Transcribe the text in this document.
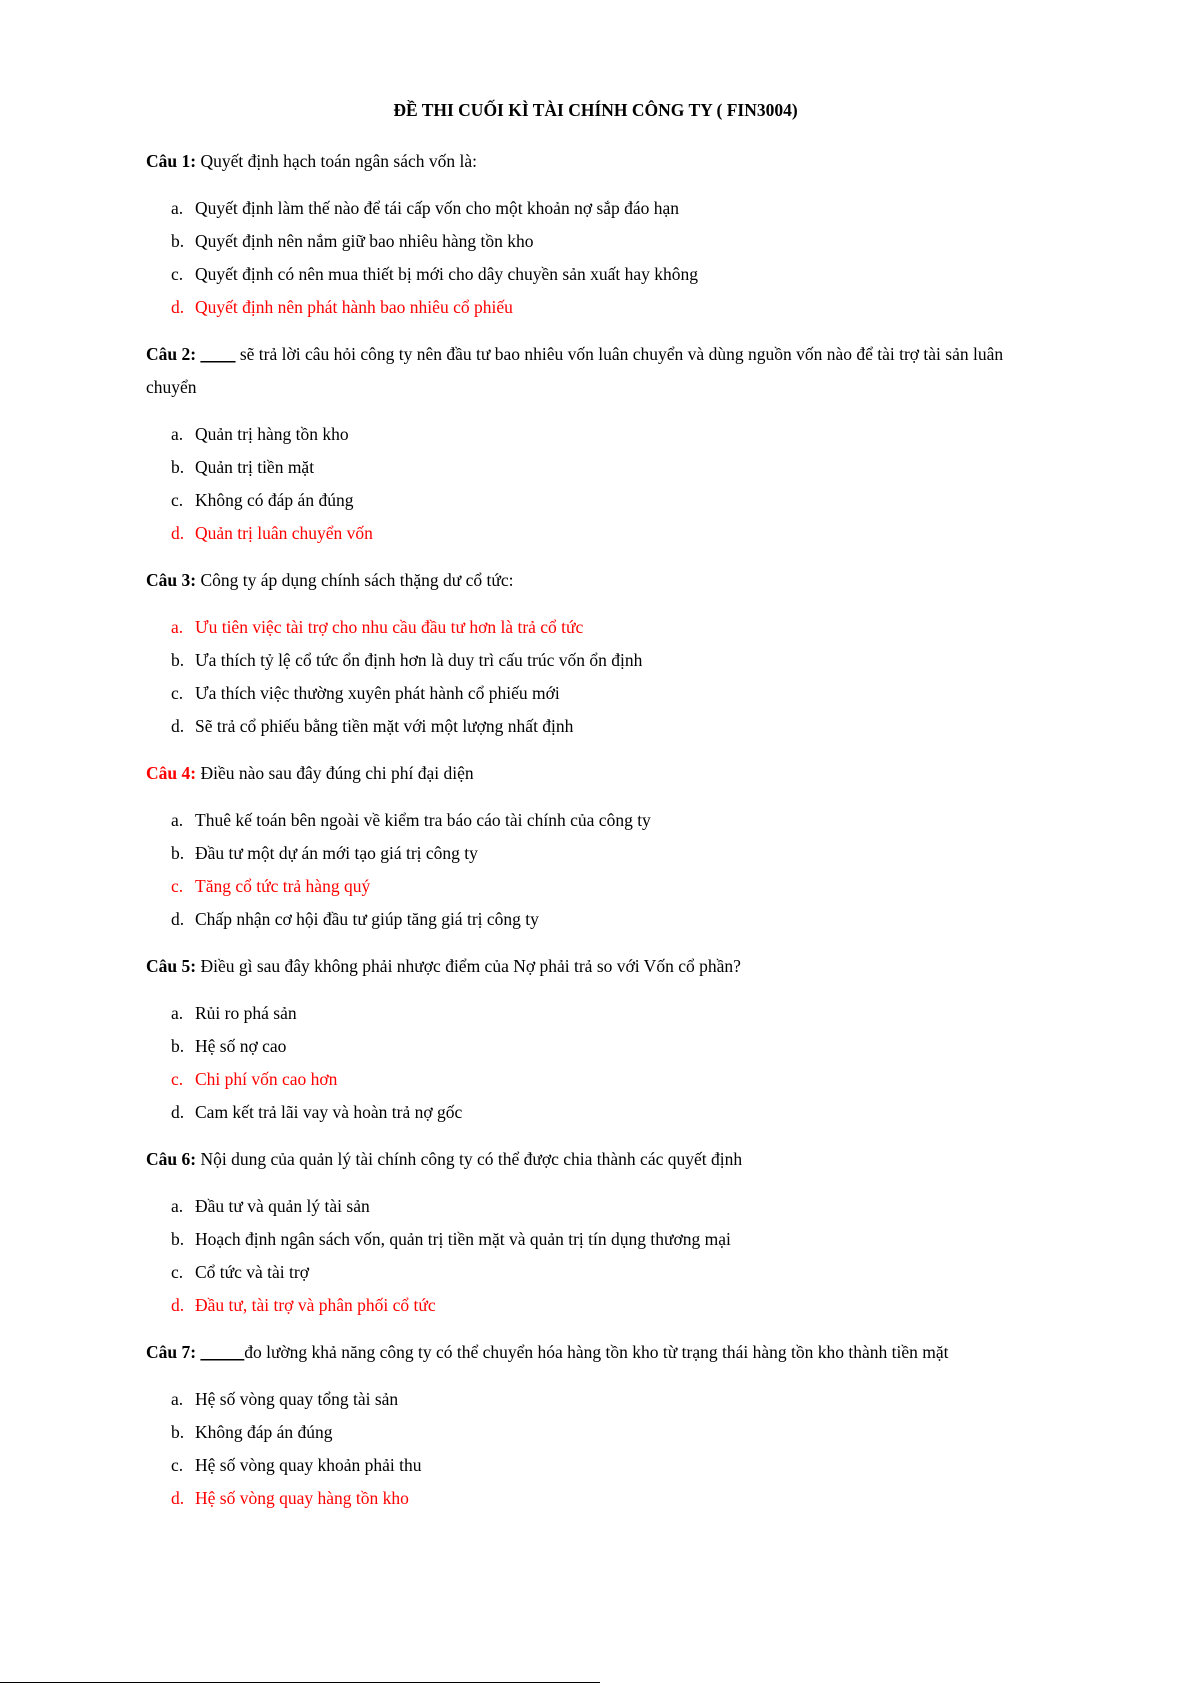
ĐỀ THI CUỐI KÌ TÀI CHÍNH CÔNG TY ( FIN3004)
Câu 1: Quyết định hạch toán ngân sách vốn là:
a. Quyết định làm thế nào để tái cấp vốn cho một khoản nợ sắp đáo hạn
b. Quyết định nên nắm giữ bao nhiêu hàng tồn kho
c. Quyết định có nên mua thiết bị mới cho dây chuyền sản xuất hay không
d. Quyết định nên phát hành bao nhiêu cổ phiếu
Câu 2: ____ sẽ trả lời câu hỏi công ty nên đầu tư bao nhiêu vốn luân chuyển và dùng nguồn vốn nào để tài trợ tài sản luân chuyển
a. Quản trị hàng tồn kho
b. Quản trị tiền mặt
c. Không có đáp án đúng
d. Quản trị luân chuyển vốn
Câu 3: Công ty áp dụng chính sách thặng dư cổ tức:
a. Ưu tiên việc tài trợ cho nhu cầu đầu tư hơn là trả cổ tức
b. Ưa thích tỷ lệ cổ tức ổn định hơn là duy trì cấu trúc vốn ổn định
c. Ưa thích việc thường xuyên phát hành cổ phiếu mới
d. Sẽ trả cổ phiếu bằng tiền mặt với một lượng nhất định
Câu 4: Điều nào sau đây đúng chi phí đại diện
a. Thuê kế toán bên ngoài về kiểm tra báo cáo tài chính của công ty
b. Đầu tư một dự án mới tạo giá trị công ty
c. Tăng cổ tức trả hàng quý
d. Chấp nhận cơ hội đầu tư giúp tăng giá trị công ty
Câu 5: Điều gì sau đây không phải nhược điểm của Nợ phải trả so với Vốn cổ phần?
a. Rủi ro phá sản
b. Hệ số nợ cao
c. Chi phí vốn cao hơn
d. Cam kết trả lãi vay và hoàn trả nợ gốc
Câu 6: Nội dung của quản lý tài chính công ty có thể được chia thành các quyết định
a. Đầu tư và quản lý tài sản
b. Hoạch định ngân sách vốn, quản trị tiền mặt và quản trị tín dụng thương mại
c. Cổ tức và tài trợ
d. Đầu tư, tài trợ và phân phối cổ tức
Câu 7: _____đo lường khả năng công ty có thể chuyển hóa hàng tồn kho từ trạng thái hàng tồn kho thành tiền mặt
a. Hệ số vòng quay tổng tài sản
b. Không đáp án đúng
c. Hệ số vòng quay khoản phải thu
d. Hệ số vòng quay hàng tồn kho
